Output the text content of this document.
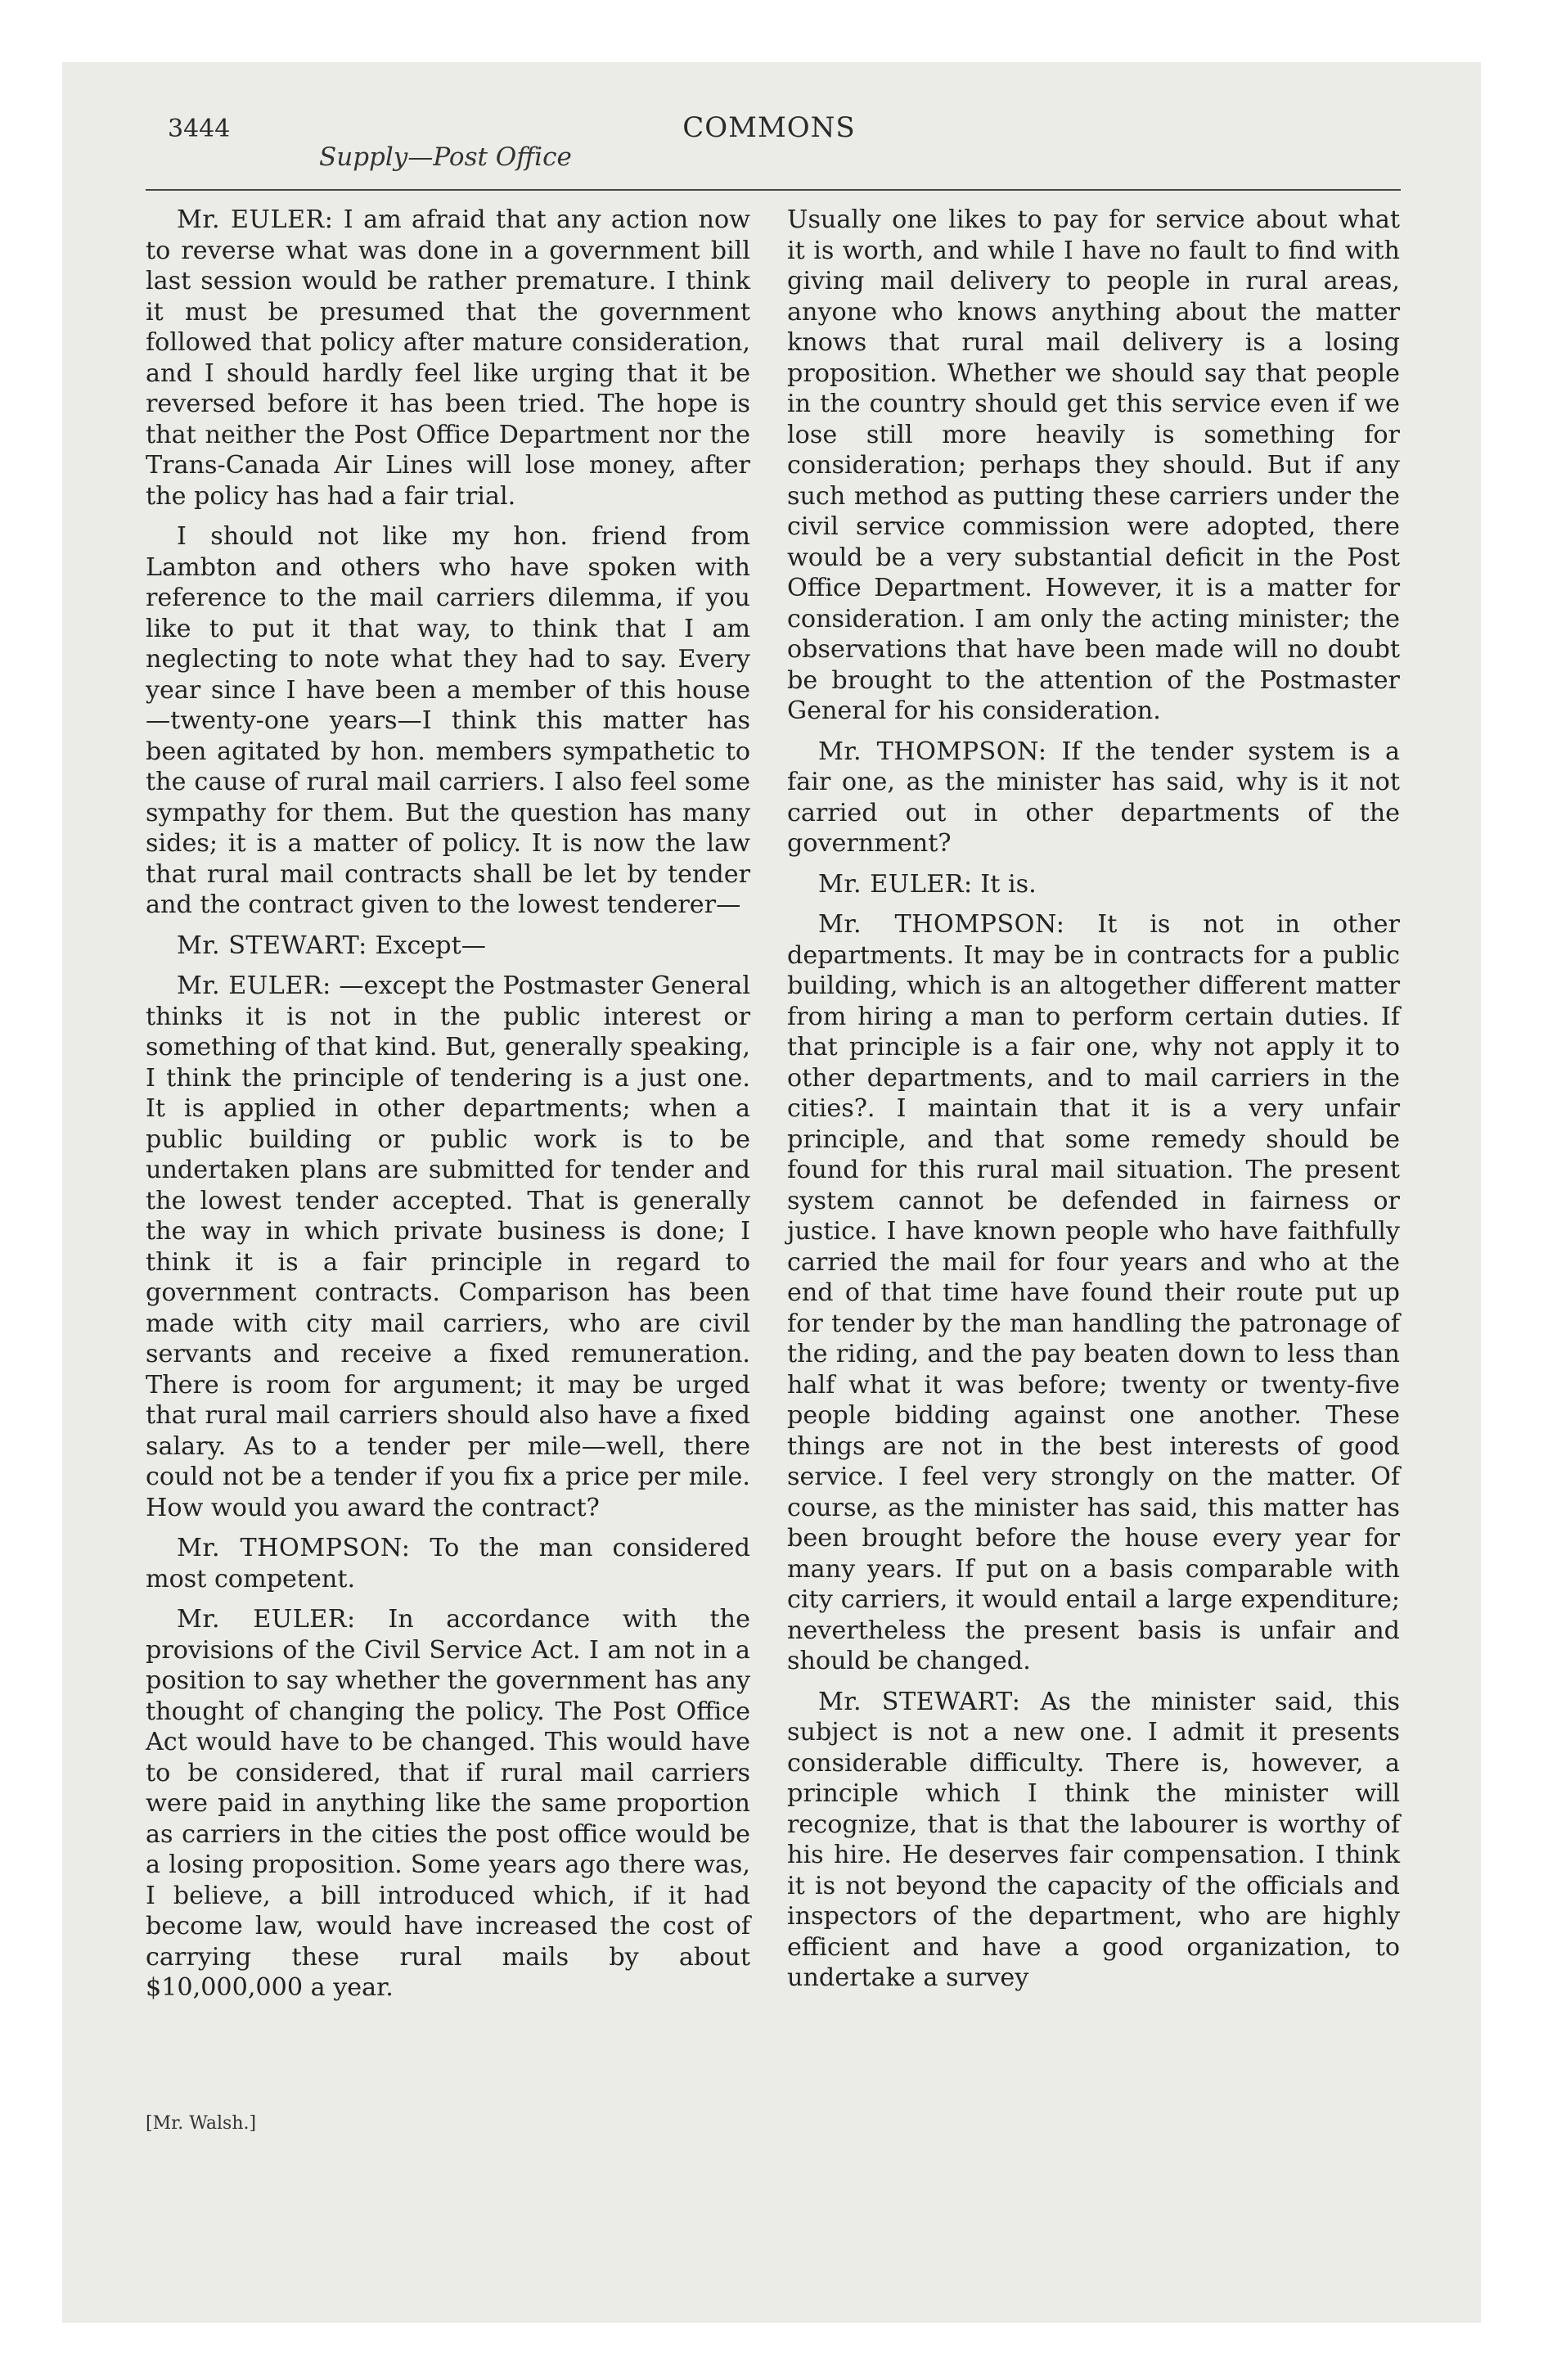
3444	COMMONS
Supply—Post Office

Mr. EULER: I am afraid that any action now to reverse what was done in a government bill last session would be rather premature. I think it must be presumed that the government followed that policy after mature consideration, and I should hardly feel like urging that it be reversed before it has been tried. The hope is that neither the Post Office Department nor the Trans-Canada Air Lines will lose money, after the policy has had a fair trial.

I should not like my hon. friend from Lambton and others who have spoken with reference to the mail carriers dilemma, if you like to put it that way, to think that I am neglecting to note what they had to say. Every year since I have been a member of this house—twenty-one years—I think this matter has been agitated by hon. members sympathetic to the cause of rural mail carriers. I also feel some sympathy for them. But the question has many sides; it is a matter of policy. It is now the law that rural mail contracts shall be let by tender and the contract given to the lowest tenderer—

Mr. STEWART: Except—

Mr. EULER: —except the Postmaster General thinks it is not in the public interest or something of that kind. But, generally speaking, I think the principle of tendering is a just one. It is applied in other departments; when a public building or public work is to be undertaken plans are submitted for tender and the lowest tender accepted. That is generally the way in which private business is done; I think it is a fair principle in regard to government contracts. Comparison has been made with city mail carriers, who are civil servants and receive a fixed remuneration. There is room for argument; it may be urged that rural mail carriers should also have a fixed salary. As to a tender per mile—well, there could not be a tender if you fix a price per mile. How would you award the contract?

Mr. THOMPSON: To the man considered most competent.

Mr. EULER: In accordance with the provisions of the Civil Service Act. I am not in a position to say whether the government has any thought of changing the policy. The Post Office Act would have to be changed. This would have to be considered, that if rural mail carriers were paid in anything like the same proportion as carriers in the cities the post office would be a losing proposition. Some years ago there was, I believe, a bill introduced which, if it had become law, would have increased the cost of carrying these rural mails by about $10,000,000 a year.

[Mr. Walsh.]

Usually one likes to pay for service about what it is worth, and while I have no fault to find with giving mail delivery to people in rural areas, anyone who knows anything about the matter knows that rural mail delivery is a losing proposition. Whether we should say that people in the country should get this service even if we lose still more heavily is something for consideration; perhaps they should. But if any such method as putting these carriers under the civil service commission were adopted, there would be a very substantial deficit in the Post Office Department. However, it is a matter for consideration. I am only the acting minister; the observations that have been made will no doubt be brought to the attention of the Postmaster General for his consideration.

Mr. THOMPSON: If the tender system is a fair one, as the minister has said, why is it not carried out in other departments of the government?

Mr. EULER: It is.

Mr. THOMPSON: It is not in other departments. It may be in contracts for a public building, which is an altogether different matter from hiring a man to perform certain duties. If that principle is a fair one, why not apply it to other departments, and to mail carriers in the cities?. I maintain that it is a very unfair principle, and that some remedy should be found for this rural mail situation. The present system cannot be defended in fairness or justice. I have known people who have faithfully carried the mail for four years and who at the end of that time have found their route put up for tender by the man handling the patronage of the riding, and the pay beaten down to less than half what it was before; twenty or twenty-five people bidding against one another. These things are not in the best interests of good service. I feel very strongly on the matter. Of course, as the minister has said, this matter has been brought before the house every year for many years. If put on a basis comparable with city carriers, it would entail a large expenditure; nevertheless the present basis is unfair and should be changed.

Mr. STEWART: As the minister said, this subject is not a new one. I admit it presents considerable difficulty. There is, however, a principle which I think the minister will recognize, that is that the labourer is worthy of his hire. He deserves fair compensation. I think it is not beyond the capacity of the officials and inspectors of the department, who are highly efficient and have a good organization, to undertake a survey
